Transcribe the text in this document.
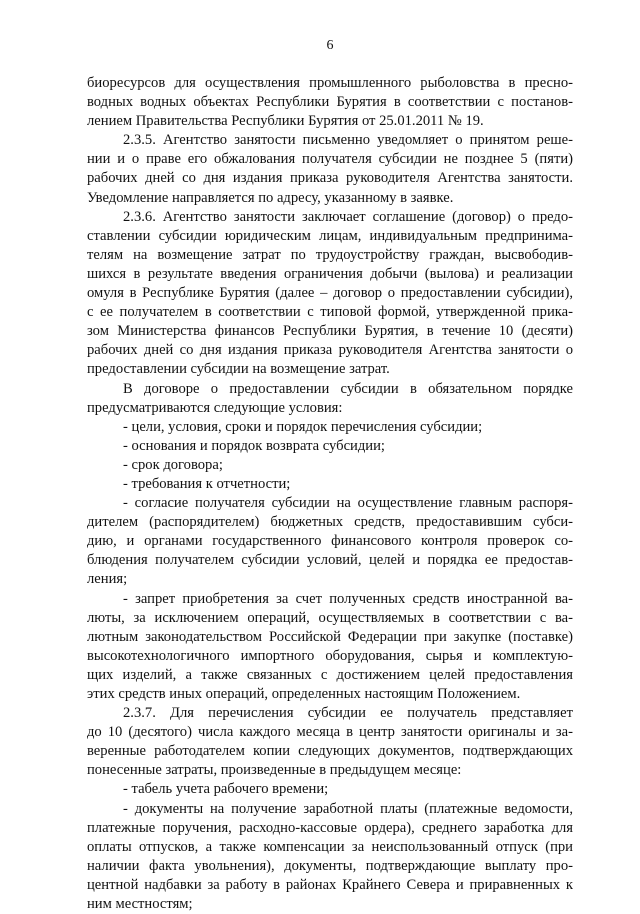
6
биоресурсов для осуществления промышленного рыболовства в пресно-
водных водных объектах Республики Бурятия в соответствии с постанов-
лением Правительства Республики Бурятия от 25.01.2011 № 19.
2.3.5. Агентство занятости письменно уведомляет о принятом реше-
нии и о праве его обжалования получателя субсидии не позднее 5 (пяти)
рабочих дней со дня издания приказа руководителя Агентства занятости.
Уведомление направляется по адресу, указанному в заявке.
2.3.6. Агентство занятости заключает соглашение (договор) о предо-
ставлении субсидии юридическим лицам, индивидуальным предпринима-
телям на возмещение затрат по трудоустройству граждан, высвободив-
шихся в результате введения ограничения добычи (вылова) и реализации
омуля в Республике Бурятия (далее – договор о предоставлении субсидии),
с ее получателем в соответствии с типовой формой, утвержденной прика-
зом Министерства финансов Республики Бурятия, в течение 10 (десяти)
рабочих дней со дня издания приказа руководителя Агентства занятости о
предоставлении субсидии на возмещение затрат.
В договоре о предоставлении субсидии в обязательном порядке
предусматриваются следующие условия:
- цели, условия, сроки и порядок перечисления субсидии;
- основания и порядок возврата субсидии;
- срок договора;
- требования к отчетности;
- согласие получателя субсидии на осуществление главным распоря-
дителем (распорядителем) бюджетных средств, предоставившим субси-
дию, и органами государственного финансового контроля проверок со-
блюдения получателем субсидии условий, целей и порядка ее предостав-
ления;
- запрет приобретения за счет полученных средств иностранной ва-
люты, за исключением операций, осуществляемых в соответствии с ва-
лютным законодательством Российской Федерации при закупке (поставке)
высокотехнологичного импортного оборудования, сырья и комплектую-
щих изделий, а также связанных с достижением целей предоставления
этих средств иных операций, определенных настоящим Положением.
2.3.7. Для перечисления субсидии ее получатель представляет
до 10 (десятого) числа каждого месяца в центр занятости оригиналы и за-
веренные работодателем копии следующих документов, подтверждающих
понесенные затраты, произведенные в предыдущем месяце:
- табель учета рабочего времени;
- документы на получение заработной платы (платежные ведомости,
платежные поручения, расходно-кассовые ордера), среднего заработка для
оплаты отпусков, а также компенсации за неиспользованный отпуск (при
наличии факта увольнения), документы, подтверждающие выплату про-
центной надбавки за работу в районах Крайнего Севера и приравненных к
ним местностям;
